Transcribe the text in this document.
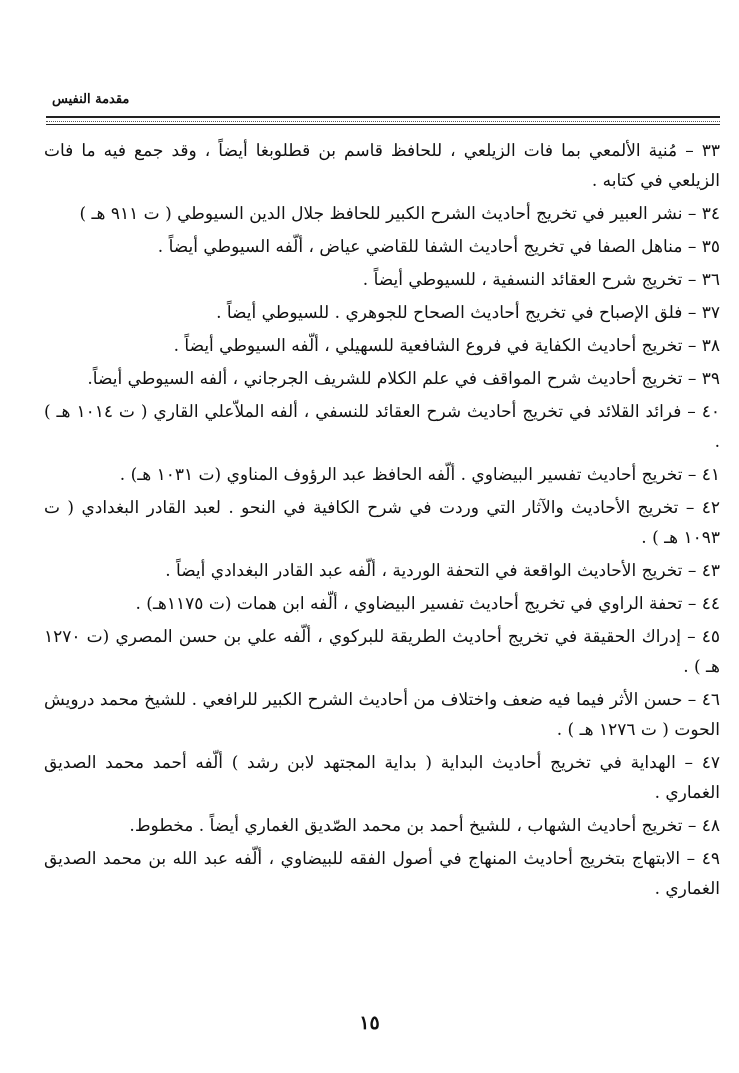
مقدمة النفيس

٣٣ – مُنية الألمعي بما فات الزيلعي ، للحافظ قاسم بن قطلوبغا أيضاً ، وقد جمع فيه ما فات الزيلعي في كتابه .

٣٤ – نشر العبير في تخريج أحاديث الشرح الكبير للحافظ جلال الدين السيوطي ( ت ٩١١ هـ )

٣٥ – مناهل الصفا في تخريج أحاديث الشفا للقاضي عياض ، ألّفه السيوطي أيضاً .

٣٦ – تخريج شرح العقائد النسفية ، للسيوطي أيضاً .

٣٧ – فلق الإصباح في تخريج أحاديث الصحاح للجوهري . للسيوطي أيضاً .

٣٨ – تخريج أحاديث الكفاية في فروع الشافعية للسهيلي ، ألّفه السيوطي أيضاً .

٣٩ – تخريج أحاديث شرح المواقف في علم الكلام للشريف الجرجاني ، ألفه السيوطي أيضاً.

٤٠ – فرائد القلائد في تخريج أحاديث شرح العقائد للنسفي ، ألفه الملاّعلي القاري ( ت ١٠١٤ هـ ) .

٤١ – تخريج أحاديث تفسير البيضاوي . ألّفه الحافظ عبد الرؤوف المناوي (ت ١٠٣١ هـ) .

٤٢ – تخريج الأحاديث والآثار التي وردت في شرح الكافية في النحو . لعبد القادر البغدادي ( ت ١٠٩٣ هـ ) .

٤٣ – تخريج الأحاديث الواقعة في التحفة الوردية ، ألّفه عبد القادر البغدادي أيضاً .

٤٤ – تحفة الراوي في تخريج أحاديث تفسير البيضاوي ، ألّفه ابن همات (ت ١١٧٥هـ) .

٤٥ – إدراك الحقيقة في تخريج أحاديث الطريقة للبركوي ، ألّفه علي بن حسن المصري (ت ١٢٧٠ هـ ) .

٤٦ – حسن الأثر فيما فيه ضعف واختلاف من أحاديث الشرح الكبير للرافعي . للشيخ محمد درويش الحوت ( ت ١٢٧٦ هـ ) .

٤٧ – الهداية في تخريج أحاديث البداية ( بداية المجتهد لابن رشد ) ألّفه أحمد محمد الصديق الغماري .

٤٨ – تخريج أحاديث الشهاب ، للشيخ أحمد بن محمد الصّديق الغماري أيضاً . مخطوط.

٤٩ – الابتهاج بتخريج أحاديث المنهاج في أصول الفقه للبيضاوي ، ألّفه عبد الله بن محمد الصديق الغماري .

١٥
